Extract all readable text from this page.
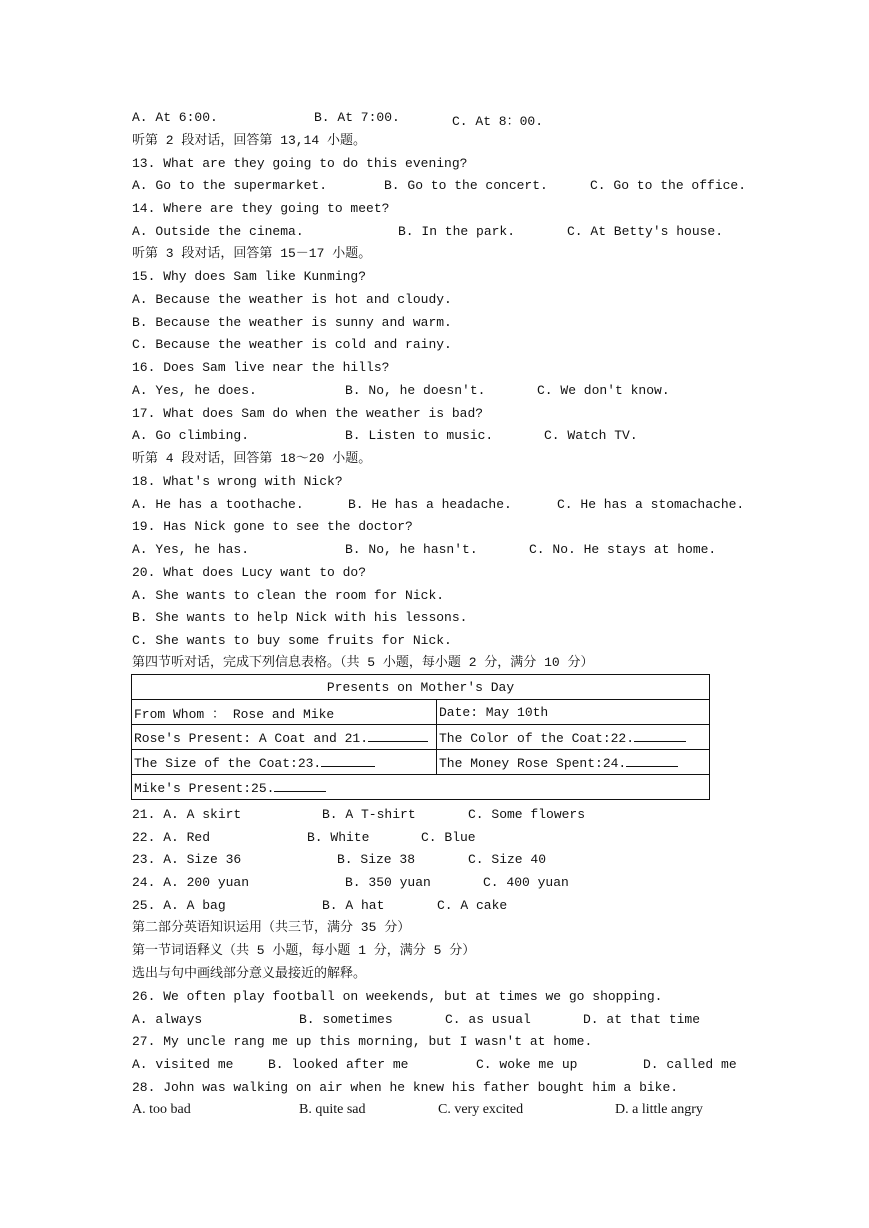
A. At 6:00.	B. At 7:00.	C. At 8：00.
听第 2 段对话，回答第 13,14 小题。
13. What are they going to do this evening?
A. Go to the supermarket.	B. Go to the concert.	C. Go to the office.
14. Where are they going to meet?
A. Outside the cinema.	B. In the park.	C. At Betty's house.
听第 3 段对话，回答第 15－17 小题。
15. Why does Sam like Kunming?
A. Because the weather is hot and cloudy.
B. Because the weather is sunny and warm.
C. Because the weather is cold and rainy.
16. Does Sam live near the hills?
A. Yes, he does.	B. No, he doesn't.	C. We don't know.
17. What does Sam do when the weather is bad?
A. Go climbing.	B. Listen to music.	C. Watch TV.
听第 4 段对话，回答第 18～20 小题。
18. What's wrong with Nick?
A. He has a toothache.	B. He has a headache.	C. He has a stomachache.
19. Has Nick gone to see the doctor?
A. Yes, he has.	B. No, he hasn't.	C. No. He stays at home.
20. What does Lucy want to do?
A. She wants to clean the room for Nick.
B. She wants to help Nick with his lessons.
C. She wants to buy some fruits for Nick.
第四节听对话，完成下列信息表格。（共 5 小题，每小题 2 分，满分 10 分）
Presents on Mother's Day	
From Whom ： Rose and Mike	Date: May 10th
Rose's Present: A Coat and 21.	The Color of the Coat:22.
The Size of the Coat:23.	The Money Rose Spent:24.
Mike's Present:25.	
21. A. A skirt	B. A T-shirt	C. Some flowers
22. A. Red	B. White	C. Blue
23. A. Size 36	B. Size 38	C. Size 40
24. A. 200 yuan	B. 350 yuan	C. 400 yuan
25. A. A bag	B. A hat	C. A cake
第二部分英语知识运用（共三节，满分 35 分）
第一节词语释义（共 5 小题，每小题 1 分，满分 5 分）
选出与句中画线部分意义最接近的解释。
26. We often play football on weekends, but at times we go shopping.
A. always	B. sometimes	C. as usual	D. at that time
27. My uncle rang me up this morning, but I wasn't at home.
A. visited me	B. looked after me	C. woke me up	D. called me
28. John was walking on air when he knew his father bought him a bike.
A. too bad	B. quite sad	C. very excited	D. a little angry
